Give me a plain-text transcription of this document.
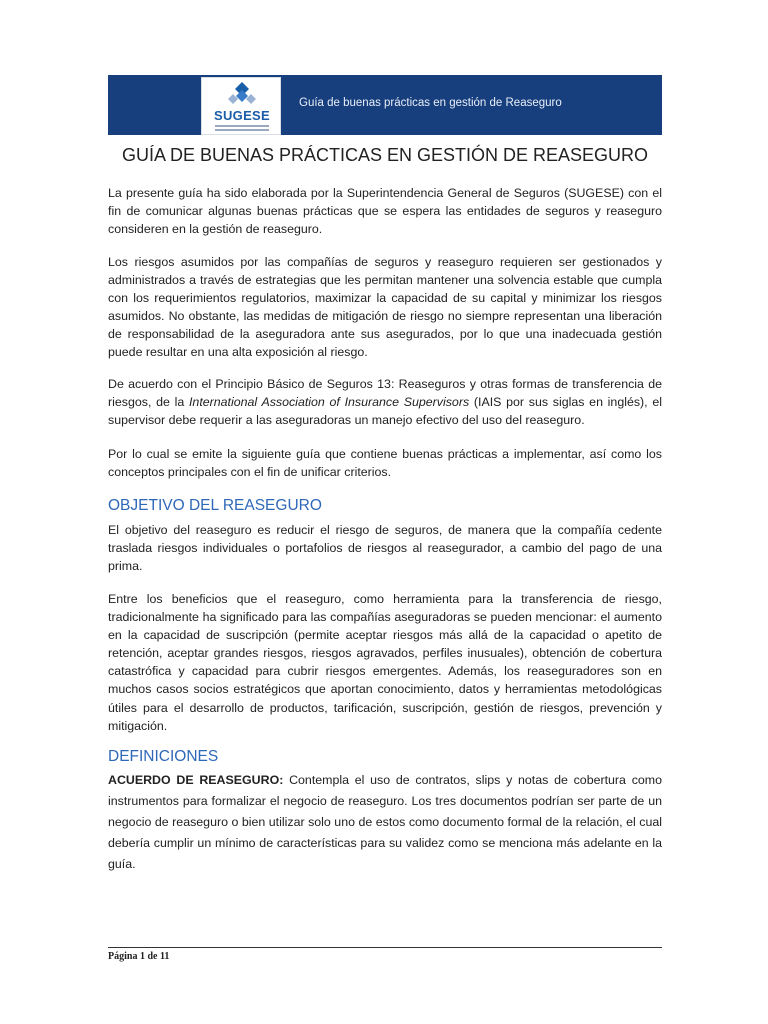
SUGESE
Guía de buenas prácticas en gestión de Reaseguro
GUÍA DE BUENAS PRÁCTICAS EN GESTIÓN DE REASEGURO

La presente guía ha sido elaborada por la Superintendencia General de Seguros (SUGESE) con el fin de comunicar algunas buenas prácticas que se espera las entidades de seguros y reaseguro consideren en la gestión de reaseguro.

Los riesgos asumidos por las compañías de seguros y reaseguro requieren ser gestionados y administrados a través de estrategias que les permitan mantener una solvencia estable que cumpla con los requerimientos regulatorios, maximizar la capacidad de su capital y minimizar los riesgos asumidos. No obstante, las medidas de mitigación de riesgo no siempre representan una liberación de responsabilidad de la aseguradora ante sus asegurados, por lo que una inadecuada gestión puede resultar en una alta exposición al riesgo.

De acuerdo con el Principio Básico de Seguros 13: Reaseguros y otras formas de transferencia de riesgos, de la International Association of Insurance Supervisors (IAIS por sus siglas en inglés), el supervisor debe requerir a las aseguradoras un manejo efectivo del uso del reaseguro.

Por lo cual se emite la siguiente guía que contiene buenas prácticas a implementar, así como los conceptos principales con el fin de unificar criterios.

OBJETIVO DEL REASEGURO

El objetivo del reaseguro es reducir el riesgo de seguros, de manera que la compañía cedente traslada riesgos individuales o portafolios de riesgos al reasegurador, a cambio del pago de una prima.

Entre los beneficios que el reaseguro, como herramienta para la transferencia de riesgo, tradicionalmente ha significado para las compañías aseguradoras se pueden mencionar: el aumento en la capacidad de suscripción (permite aceptar riesgos más allá de la capacidad o apetito de retención, aceptar grandes riesgos, riesgos agravados, perfiles inusuales), obtención de cobertura catastrófica y capacidad para cubrir riesgos emergentes. Además, los reaseguradores son en muchos casos socios estratégicos que aportan conocimiento, datos y herramientas metodológicas útiles para el desarrollo de productos, tarificación, suscripción, gestión de riesgos, prevención y mitigación.

DEFINICIONES

ACUERDO DE REASEGURO: Contempla el uso de contratos, slips y notas de cobertura como instrumentos para formalizar el negocio de reaseguro. Los tres documentos podrían ser parte de un negocio de reaseguro o bien utilizar solo uno de estos como documento formal de la relación, el cual debería cumplir un mínimo de características para su validez como se menciona más adelante en la guía.

Página 1 de 11
